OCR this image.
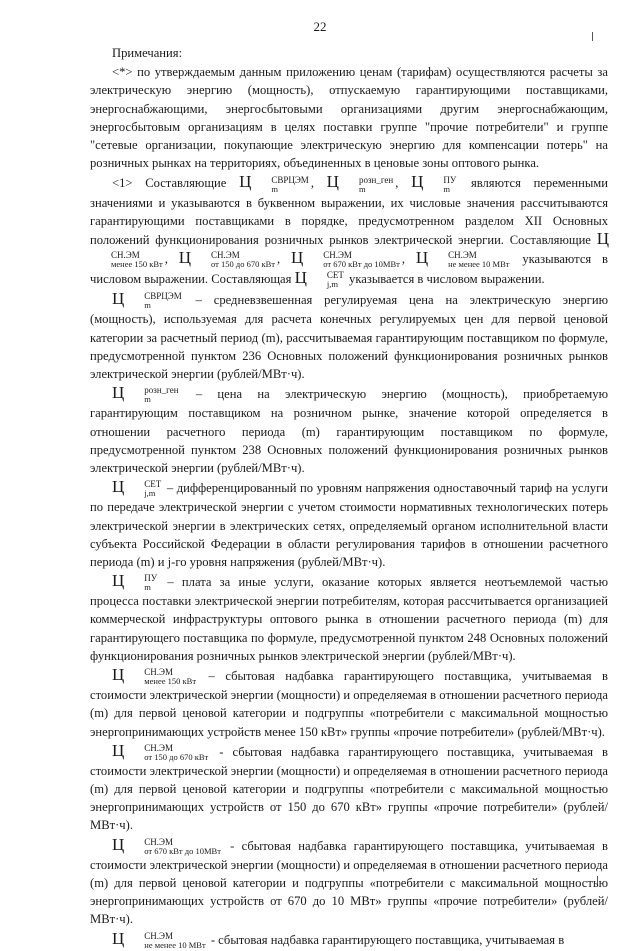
22

Примечания:

<*> по утверждаемым данным приложению ценам (тарифам) осуществляются расчеты за электрическую энергию (мощность), отпускаемую гарантирующими поставщиками, энергоснабжающими, энергосбытовыми организациями другим энергоснабжающим, энергосбытовым организациям в целях поставки группе "прочие потребители" и группе "сетевые организации, покупающие электрическую энергию для компенсации потерь" на розничных рынках на территориях, объединенных в ценовые зоны оптового рынка.

<1> Составляющие Ц	СВРЦЭМ
m	, Ц	розн_ген
m	, Ц	ПУ
m	являются переменными значениями и указываются в буквенном выражении, их числовые значения рассчитываются гарантирующими поставщиками в порядке, предусмотренном разделом XII Основных положений функционирования розничных рынков электрической энергии. Составляющие Ц
СН.ЭМ
менее 150 кВт , Ц	СН.ЭМ
от 150 до 670 кВт , Ц	СН.ЭМ
от 670 кВт до 10МВт , Ц	СН.ЭМ
не менее 10 МВт указываются в числовом выражении. Составляющая Ц	СЕТ
j,m указывается в числовом выражении.

Ц	СВРЦЭМ
m	– средневзвешенная регулируемая цена на электрическую энергию (мощность), используемая для расчета конечных регулируемых цен для первой ценовой категории за расчетный период (m), рассчитываемая гарантирующим поставщиком по формуле, предусмотренной пунктом 236 Основных положений функционирования розничных рынков электрической энергии (рублей/МВт·ч).

Ц	розн_ген
m	– цена на электрическую энергию (мощность), приобретаемую гарантирующим поставщиком на розничном рынке, значение которой определяется в отношении расчетного периода (m) гарантирующим поставщиком по формуле, предусмотренной пунктом 238 Основных положений функционирования розничных рынков электрической энергии (рублей/МВт·ч).

Ц	СЕТ
j,m – дифференцированный по уровням напряжения одноставочный тариф на услуги по передаче электрической энергии с учетом стоимости нормативных технологических потерь электрической энергии в электрических сетях, определяемый органом исполнительной власти субъекта Российской Федерации в области регулирования тарифов в отношении расчетного периода (m) и j-го уровня напряжения (рублей/МВт·ч).

Ц	ПУ
m	– плата за иные услуги, оказание которых является неотъемлемой частью процесса поставки электрической энергии потребителям, которая рассчитывается организацией коммерческой инфраструктуры оптового рынка в отношении расчетного периода (m) для гарантирующего поставщика по формуле, предусмотренной пунктом 248 Основных положений функционирования розничных рынков электрической энергии (рублей/МВт·ч).

Ц	СН.ЭМ
менее 150 кВт – сбытовая надбавка гарантирующего поставщика, учитываемая в стоимости электрической энергии (мощности) и определяемая в отношении расчетного периода (m) для первой ценовой категории и подгруппы «потребители с максимальной мощностью энергопринимающих устройств менее 150 кВт» группы «прочие потребители» (рублей/МВт·ч).

Ц	СН.ЭМ
от 150 до 670 кВт - сбытовая надбавка гарантирующего поставщика, учитываемая в стоимости электрической энергии (мощности) и определяемая в отношении расчетного периода (m) для первой ценовой категории и подгруппы «потребители с максимальной мощностью энергопринимающих устройств от 150 до 670 кВт» группы «прочие потребители» (рублей/МВт·ч).

Ц	СН.ЭМ
от 670 кВт до 10МВт - сбытовая надбавка гарантирующего поставщика, учитываемая в стоимости электрической энергии (мощности) и определяемая в отношении расчетного периода (m) для первой ценовой категории и подгруппы «потребители с максимальной мощностью энергопринимающих устройств от 670 до 10 МВт» группы «прочие потребители» (рублей/МВт·ч).

Ц	СН.ЭМ
не менее 10 МВт - сбытовая надбавка гарантирующего поставщика, учитываемая в
